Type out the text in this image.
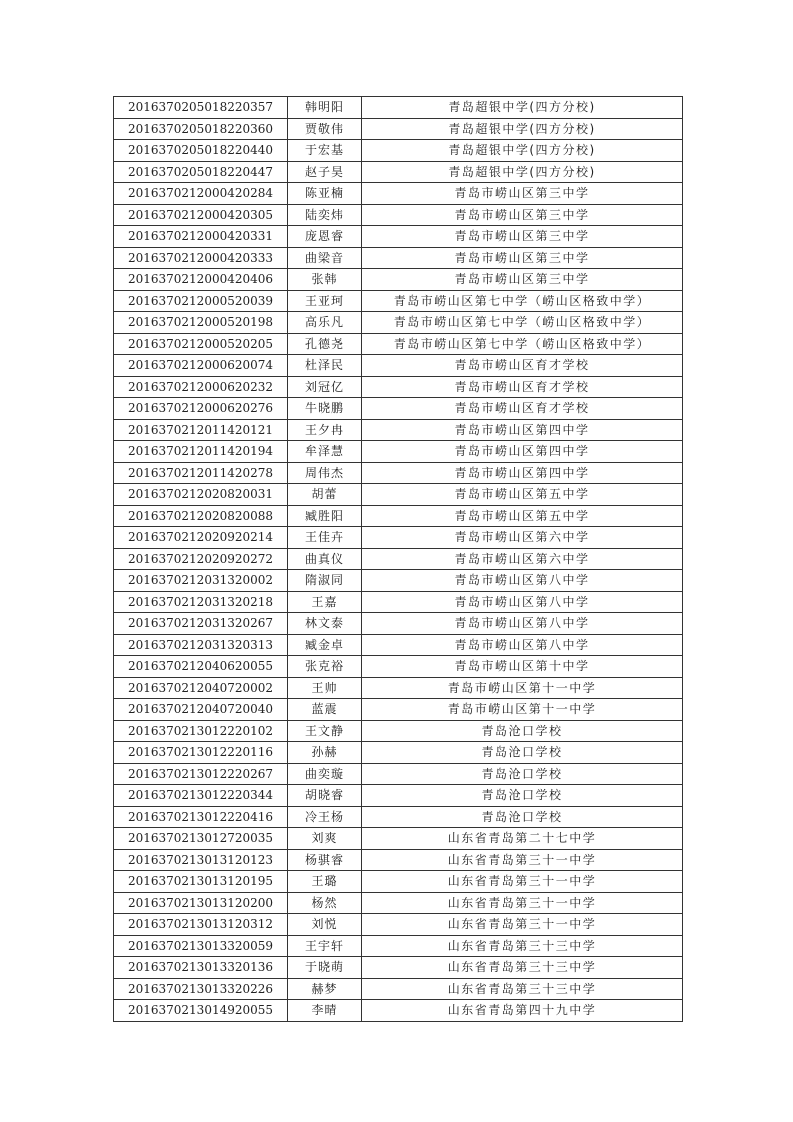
2016370205018220357	韩明阳	青岛超银中学(四方分校)
2016370205018220360	贾敬伟	青岛超银中学(四方分校)
2016370205018220440	于宏基	青岛超银中学(四方分校)
2016370205018220447	赵子昊	青岛超银中学(四方分校)
2016370212000420284	陈亚楠	青岛市崂山区第三中学
2016370212000420305	陆奕炜	青岛市崂山区第三中学
2016370212000420331	庞恩睿	青岛市崂山区第三中学
2016370212000420333	曲梁音	青岛市崂山区第三中学
2016370212000420406	张韩	青岛市崂山区第三中学
2016370212000520039	王亚珂	青岛市崂山区第七中学（崂山区格致中学）
2016370212000520198	高乐凡	青岛市崂山区第七中学（崂山区格致中学）
2016370212000520205	孔德尧	青岛市崂山区第七中学（崂山区格致中学）
2016370212000620074	杜泽民	青岛市崂山区育才学校
2016370212000620232	刘冠亿	青岛市崂山区育才学校
2016370212000620276	牛晓鹏	青岛市崂山区育才学校
2016370212011420121	王夕冉	青岛市崂山区第四中学
2016370212011420194	牟泽慧	青岛市崂山区第四中学
2016370212011420278	周伟杰	青岛市崂山区第四中学
2016370212020820031	胡蕾	青岛市崂山区第五中学
2016370212020820088	臧胜阳	青岛市崂山区第五中学
2016370212020920214	王佳卉	青岛市崂山区第六中学
2016370212020920272	曲真仪	青岛市崂山区第六中学
2016370212031320002	隋淑同	青岛市崂山区第八中学
2016370212031320218	王嘉	青岛市崂山区第八中学
2016370212031320267	林文泰	青岛市崂山区第八中学
2016370212031320313	臧金卓	青岛市崂山区第八中学
2016370212040620055	张克裕	青岛市崂山区第十中学
2016370212040720002	王帅	青岛市崂山区第十一中学
2016370212040720040	蓝震	青岛市崂山区第十一中学
2016370213012220102	王文静	青岛沧口学校
2016370213012220116	孙赫	青岛沧口学校
2016370213012220267	曲奕璇	青岛沧口学校
2016370213012220344	胡晓睿	青岛沧口学校
2016370213012220416	冷王杨	青岛沧口学校
2016370213012720035	刘爽	山东省青岛第二十七中学
2016370213013120123	杨骐睿	山东省青岛第三十一中学
2016370213013120195	王璐	山东省青岛第三十一中学
2016370213013120200	杨然	山东省青岛第三十一中学
2016370213013120312	刘悦	山东省青岛第三十一中学
2016370213013320059	王宇轩	山东省青岛第三十三中学
2016370213013320136	于晓萌	山东省青岛第三十三中学
2016370213013320226	赫梦	山东省青岛第三十三中学
2016370213014920055	李晴	山东省青岛第四十九中学
